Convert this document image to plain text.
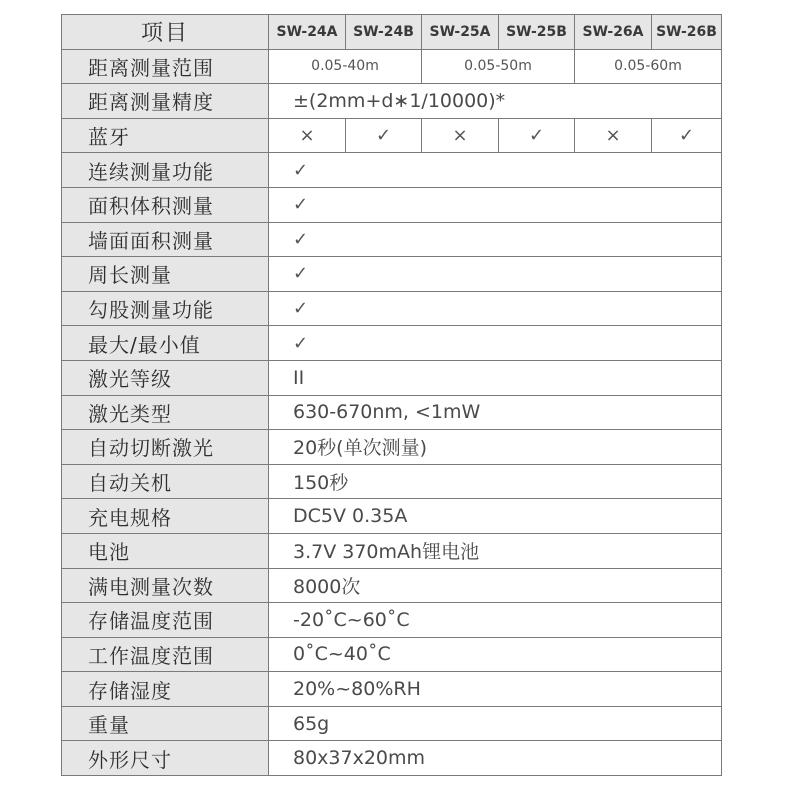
项目	SW-24A	SW-24B	SW-25A	SW-25B	SW-26A	SW-26B
距离测量范围	0.05-40m		0.05-50m		0.05-60m	
距离测量精度	±(2mm+d∗1/10000)*					
蓝牙	×	✓	×	✓	×	✓
连续测量功能	✓					
面积体积测量	✓					
墙面面积测量	✓					
周长测量	✓					
勾股测量功能	✓					
最大/最小值	✓					
激光等级	II					
激光类型	630-670nm, <1mW					
自动切断激光	20秒(单次测量)					
自动关机	150秒					
充电规格	DC5V 0.35A					
电池	3.7V 370mAh锂电池					
满电测量次数	8000次					
存储温度范围	-20˚C~60˚C					
工作温度范围	0˚C~40˚C					
存储湿度	20%~80%RH					
重量	65g					
外形尺寸	80x37x20mm					
